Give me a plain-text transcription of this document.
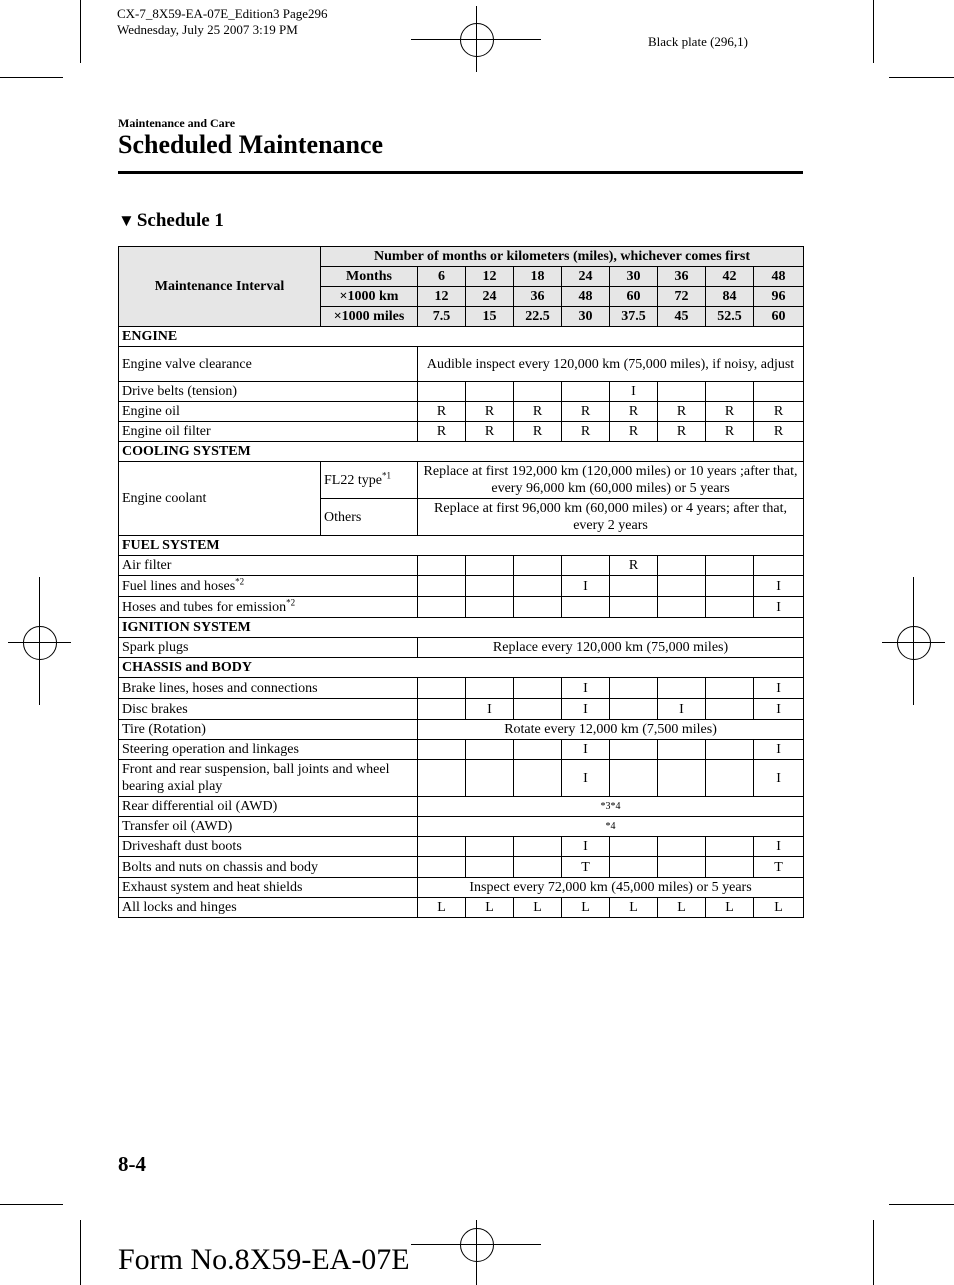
CX-7_8X59-EA-07E_Edition3 Page296
Wednesday, July 25 2007 3:19 PM
Black plate (296,1)
Maintenance and Care
Scheduled Maintenance
▼ Schedule 1
Maintenance Interval	Number of months or kilometers (miles), whichever comes first								
	Months	6	12	18	24	30	36	42	48
	×1000 km	12	24	36	48	60	72	84	96
	×1000 miles	7.5	15	22.5	30	37.5	45	52.5	60
ENGINE									
Engine valve clearance		Audible inspect every 120,000 km (75,000 miles), if noisy, adjust							
Drive belts (tension)						I			
Engine oil		R	R	R	R	R	R	R	R
Engine oil filter		R	R	R	R	R	R	R	R
COOLING SYSTEM									
Engine coolant	FL22 type$^{*1}$	Replace at first 192,000 km (120,000 miles) or 10 years ;after that, every 96,000 km (60,000 miles) or 5 years							
	Others	Replace at first 96,000 km (60,000 miles) or 4 years; after that, every 2 years							
FUEL SYSTEM									
Air filter						R			
Fuel lines and hoses$^{*2}$					I				I
Hoses and tubes for emission$^{*2}$									I
IGNITION SYSTEM									
Spark plugs		Replace every 120,000 km (75,000 miles)							
CHASSIS and BODY									
Brake lines, hoses and connections					I				I
Disc brakes			I		I		I		I
Tire (Rotation)		Rotate every 12,000 km (7,500 miles)							
Steering operation and linkages					I				I
Front and rear suspension, ball joints and wheel bearing axial play					I				I
Rear differential oil (AWD)		*3*4							
Transfer oil (AWD)		*4							
Driveshaft dust boots					I				I
Bolts and nuts on chassis and body					T				T
Exhaust system and heat shields		Inspect every 72,000 km (45,000 miles) or 5 years							
All locks and hinges		L	L	L	L	L	L	L	L
8-4
Form No.8X59-EA-07E
